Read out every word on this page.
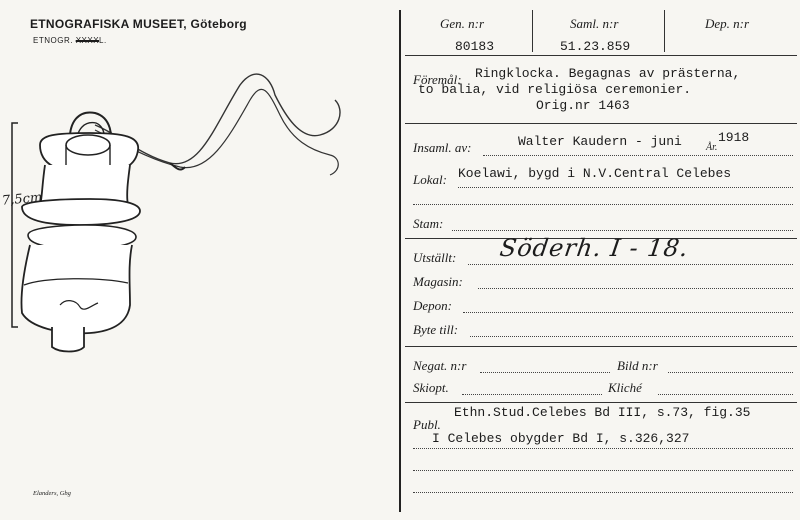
ETNOGRAFISKA MUSEET, Göteborg
ETNOGR. XXXXL.
7,5cm
Elanders, Gbg
Gen. n:r
80183
Saml. n:r
51.23.859
Dep. n:r
Föremål: Ringklocka. Begagnas av prästerna,
to balia, vid religiösa ceremonier.
Orig.nr 1463
Insaml. av:	Walter Kaudern - juni År.
1918
Lokal: Koelawi, bygd i N.V.Central Celebes
Stam:
Utställt: Söderh. I - 18.
Magasin:
Depon:
Byte till:
Negat. n:r	Bild n:r
Skiopt.	Kliché
Publ.
Ethn.Stud.Celebes Bd III, s.73, fig.35
I Celebes obygder Bd I, s.326,327
